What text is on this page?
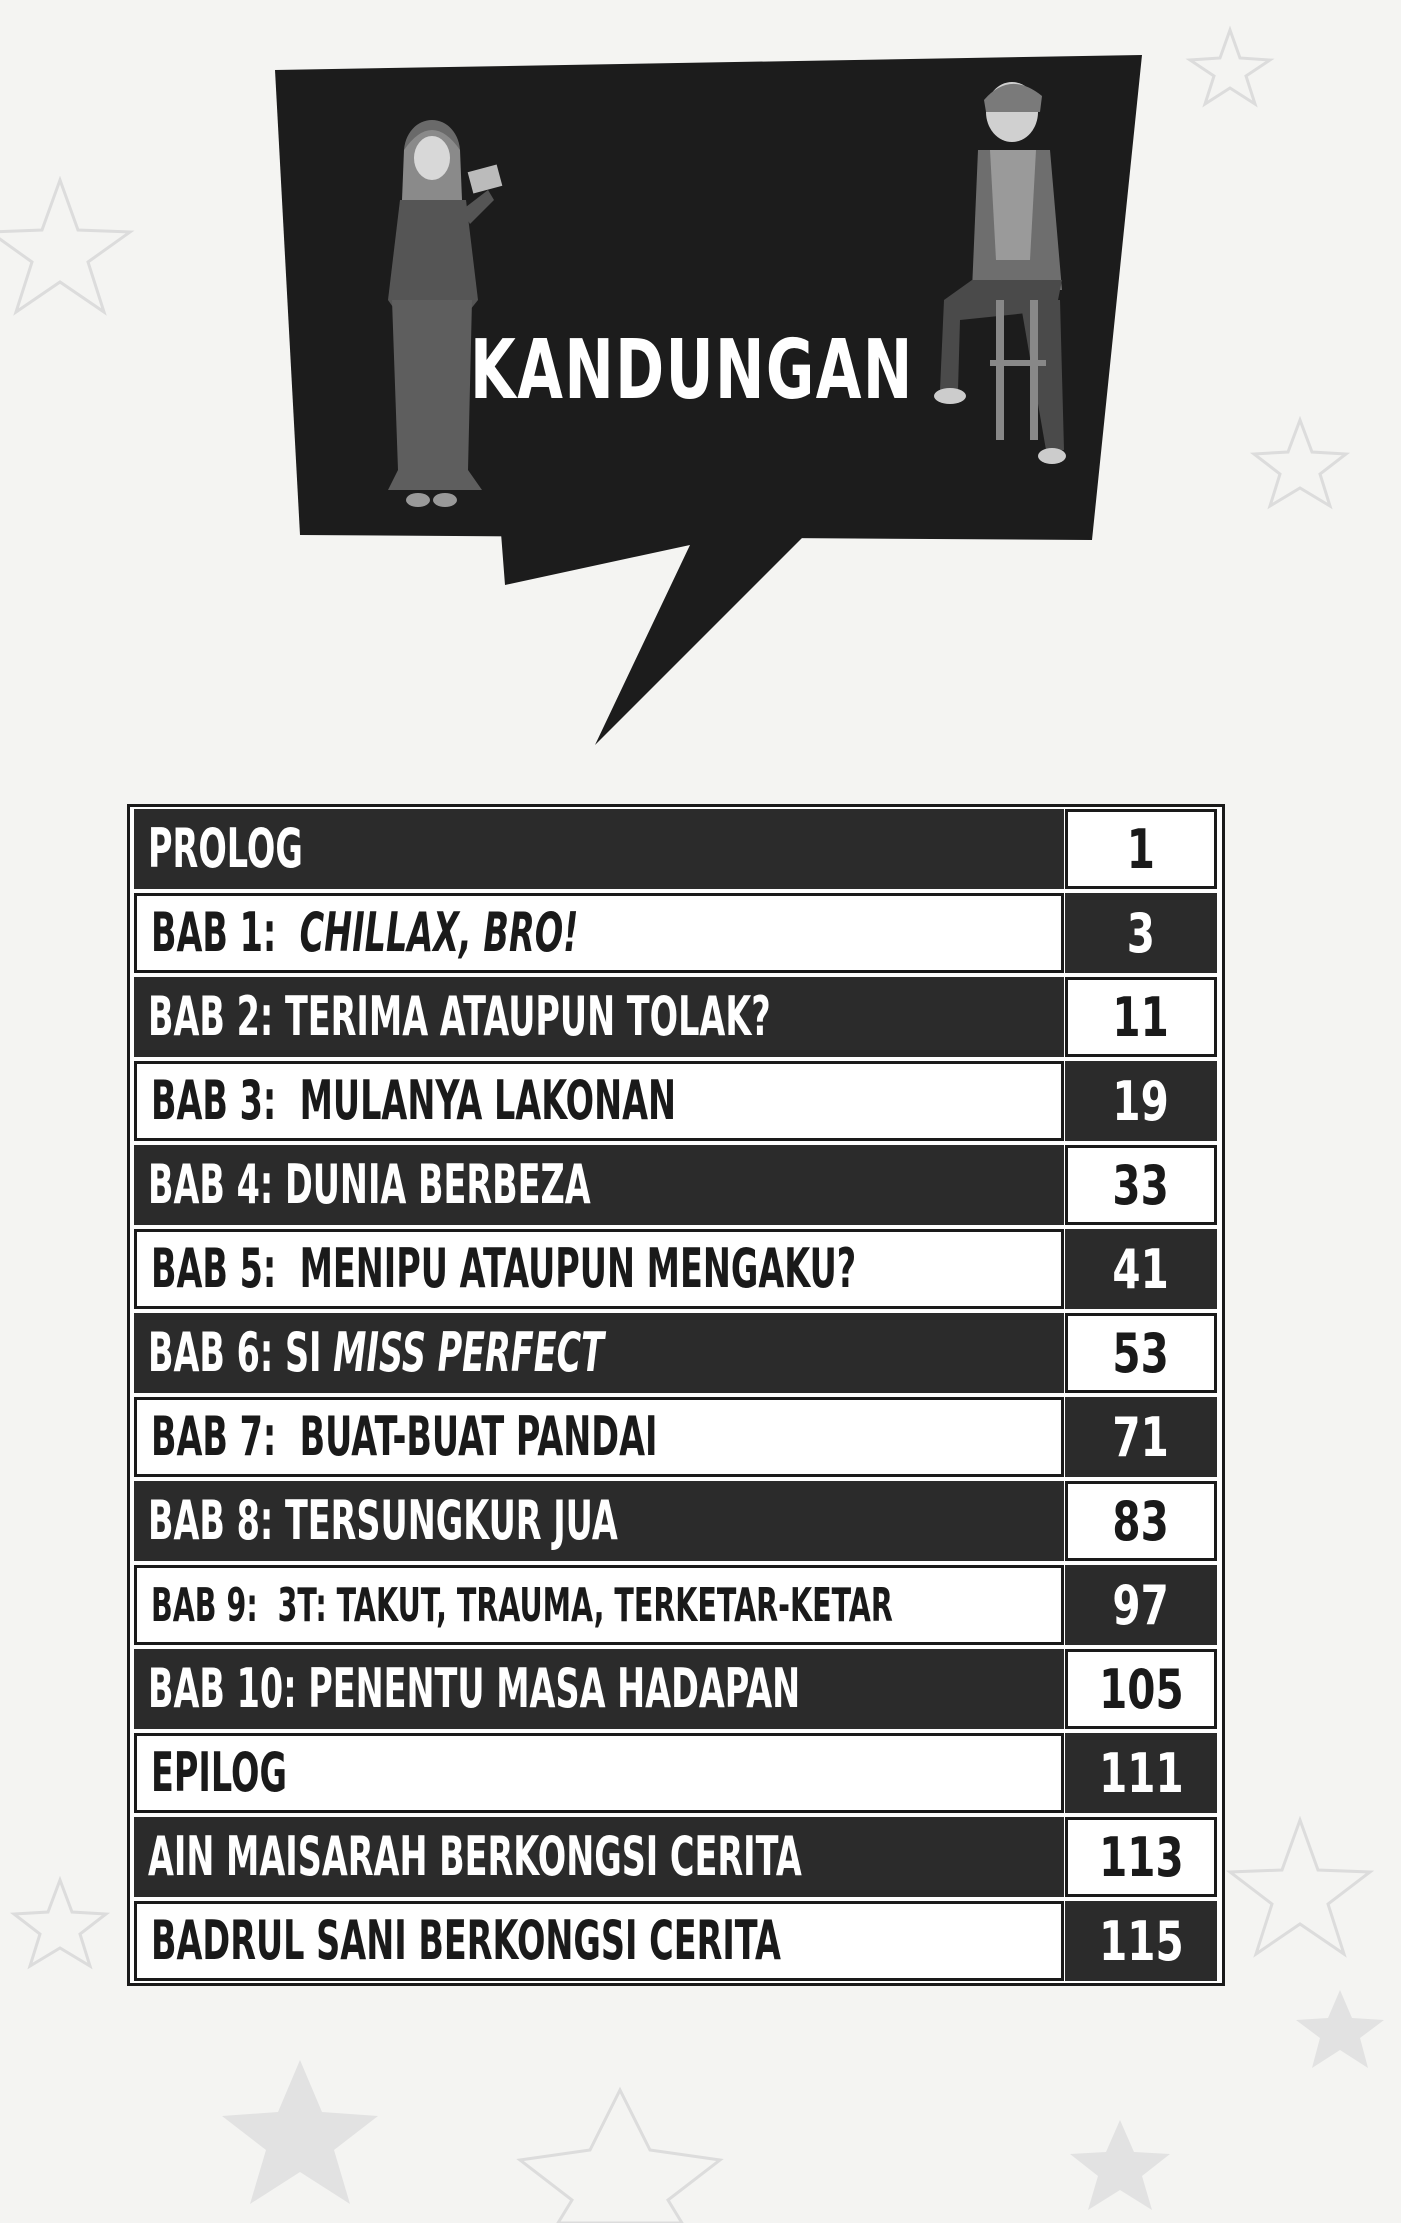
KANDUNGAN
PROLOG	1
BAB 1:  CHILLAX, BRO!	3
BAB 2: TERIMA ATAUPUN TOLAK?	11
BAB 3:  MULANYA LAKONAN	19
BAB 4: DUNIA BERBEZA	33
BAB 5:  MENIPU ATAUPUN MENGAKU?	41
BAB 6: SI MISS PERFECT	53
BAB 7:  BUAT-BUAT PANDAI	71
BAB 8: TERSUNGKUR JUA	83
BAB 9:  3T: TAKUT, TRAUMA, TERKETAR-KETAR	97
BAB 10: PENENTU MASA HADAPAN	105
EPILOG	111
AIN MAISARAH BERKONGSI CERITA	113
BADRUL SANI BERKONGSI CERITA	115
